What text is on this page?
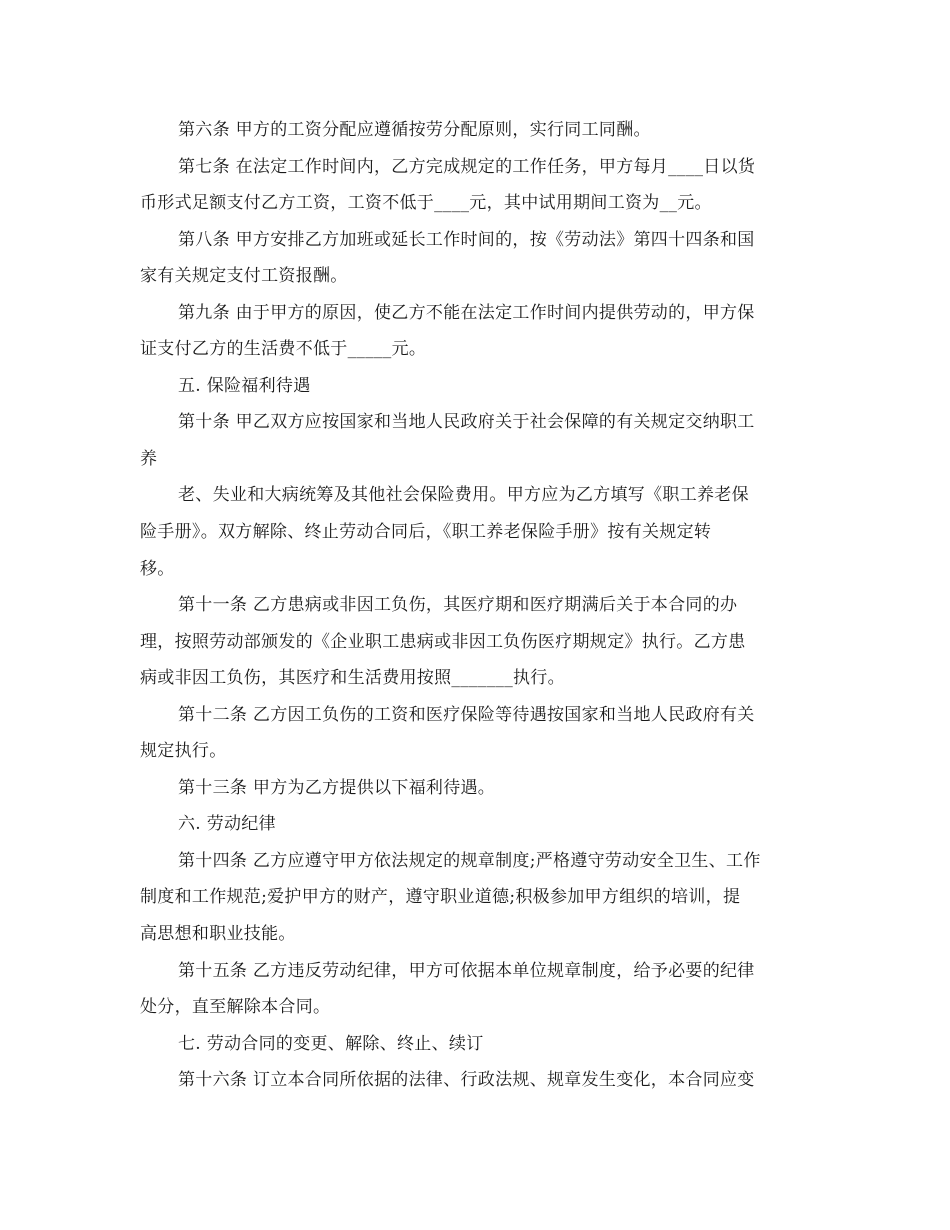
第六条 甲方的工资分配应遵循按劳分配原则，实行同工同酬。
第七条 在法定工作时间内，乙方完成规定的工作任务，甲方每月____日以货
币形式足额支付乙方工资，工资不低于____元，其中试用期间工资为__元。
第八条 甲方安排乙方加班或延长工作时间的，按《劳动法》第四十四条和国
家有关规定支付工资报酬。
第九条 由于甲方的原因，使乙方不能在法定工作时间内提供劳动的，甲方保
证支付乙方的生活费不低于_____元。
五. 保险福利待遇
第十条 甲乙双方应按国家和当地人民政府关于社会保障的有关规定交纳职工
养
老、失业和大病统筹及其他社会保险费用。甲方应为乙方填写《职工养老保
险手册》。双方解除、终止劳动合同后，《职工养老保险手册》按有关规定转
移。
第十一条 乙方患病或非因工负伤，其医疗期和医疗期满后关于本合同的办
理，按照劳动部颁发的《企业职工患病或非因工负伤医疗期规定》执行。乙方患
病或非因工负伤，其医疗和生活费用按照_______执行。
第十二条 乙方因工负伤的工资和医疗保险等待遇按国家和当地人民政府有关
规定执行。
第十三条 甲方为乙方提供以下福利待遇。
六. 劳动纪律
第十四条 乙方应遵守甲方依法规定的规章制度;严格遵守劳动安全卫生、工作
制度和工作规范;爱护甲方的财产，遵守职业道德;积极参加甲方组织的培训，提
高思想和职业技能。
第十五条 乙方违反劳动纪律，甲方可依据本单位规章制度，给予必要的纪律
处分，直至解除本合同。
七. 劳动合同的变更、解除、终止、续订
第十六条 订立本合同所依据的法律、行政法规、规章发生变化，本合同应变
